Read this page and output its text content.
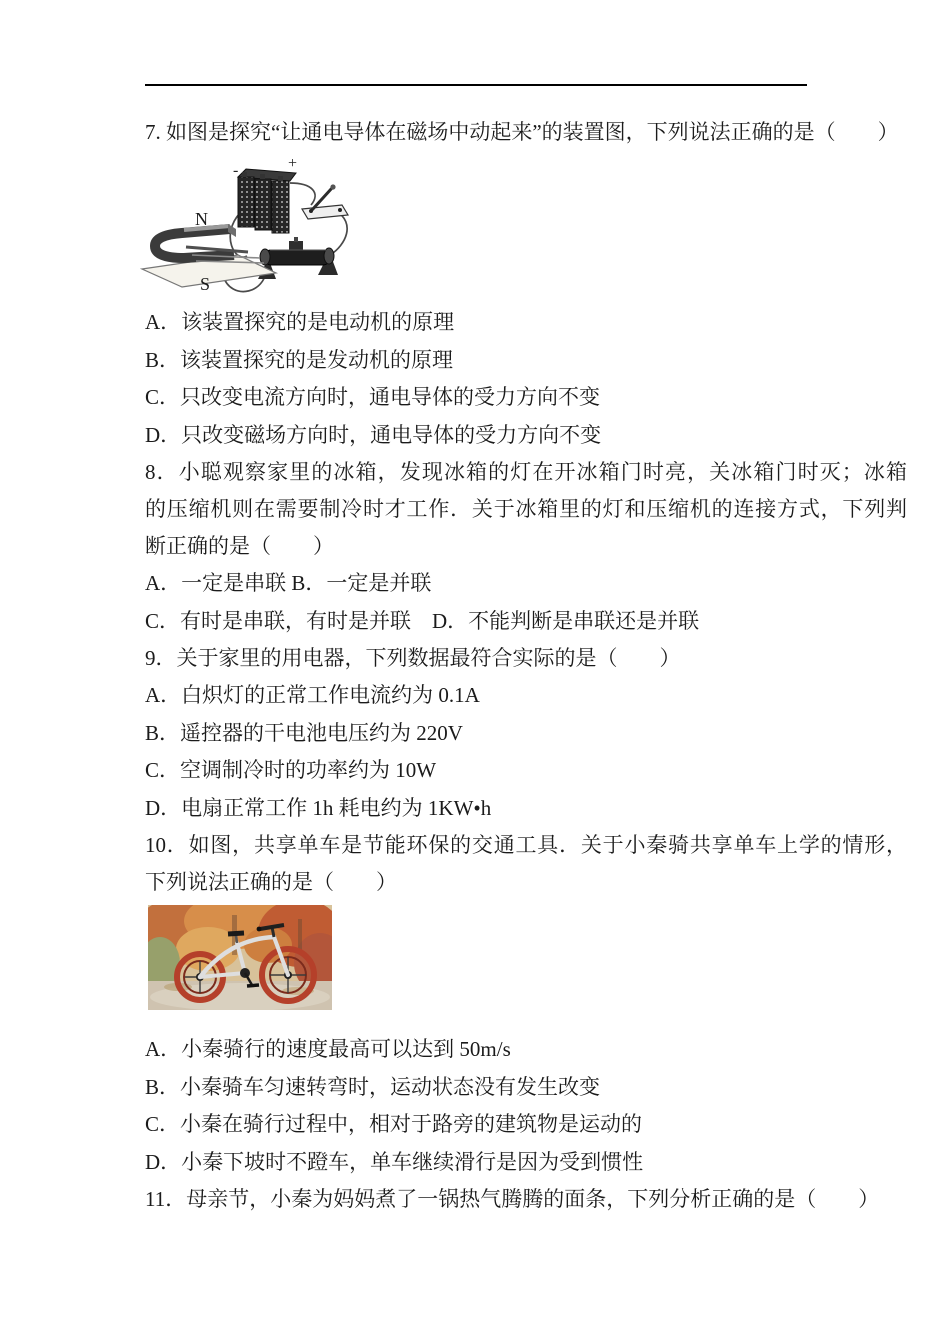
7. 如图是探究“让通电导体在磁场中动起来”的装置图，下列说法正确的是（　　）
-	+
N
S
A．该装置探究的是电动机的原理
B．该装置探究的是发动机的原理
C．只改变电流方向时，通电导体的受力方向不变
D．只改变磁场方向时，通电导体的受力方向不变
8．小聪观察家里的冰箱，发现冰箱的灯在开冰箱门时亮，关冰箱门时灭；冰箱
的压缩机则在需要制冷时才工作．关于冰箱里的灯和压缩机的连接方式，下列判
断正确的是（　　）
A．一定是串联 B．一定是并联
C．有时是串联，有时是并联　D．不能判断是串联还是并联
9．关于家里的用电器，下列数据最符合实际的是（　　）
A．白炽灯的正常工作电流约为 0.1A
B．遥控器的干电池电压约为 220V
C．空调制冷时的功率约为 10W
D．电扇正常工作 1h 耗电约为 1KW•h
10．如图，共享单车是节能环保的交通工具．关于小秦骑共享单车上学的情形，
下列说法正确的是（　　）
A．小秦骑行的速度最高可以达到 50m/s
B．小秦骑车匀速转弯时，运动状态没有发生改变
C．小秦在骑行过程中，相对于路旁的建筑物是运动的
D．小秦下坡时不蹬车，单车继续滑行是因为受到惯性
11．母亲节，小秦为妈妈煮了一锅热气腾腾的面条，下列分析正确的是（　　）
